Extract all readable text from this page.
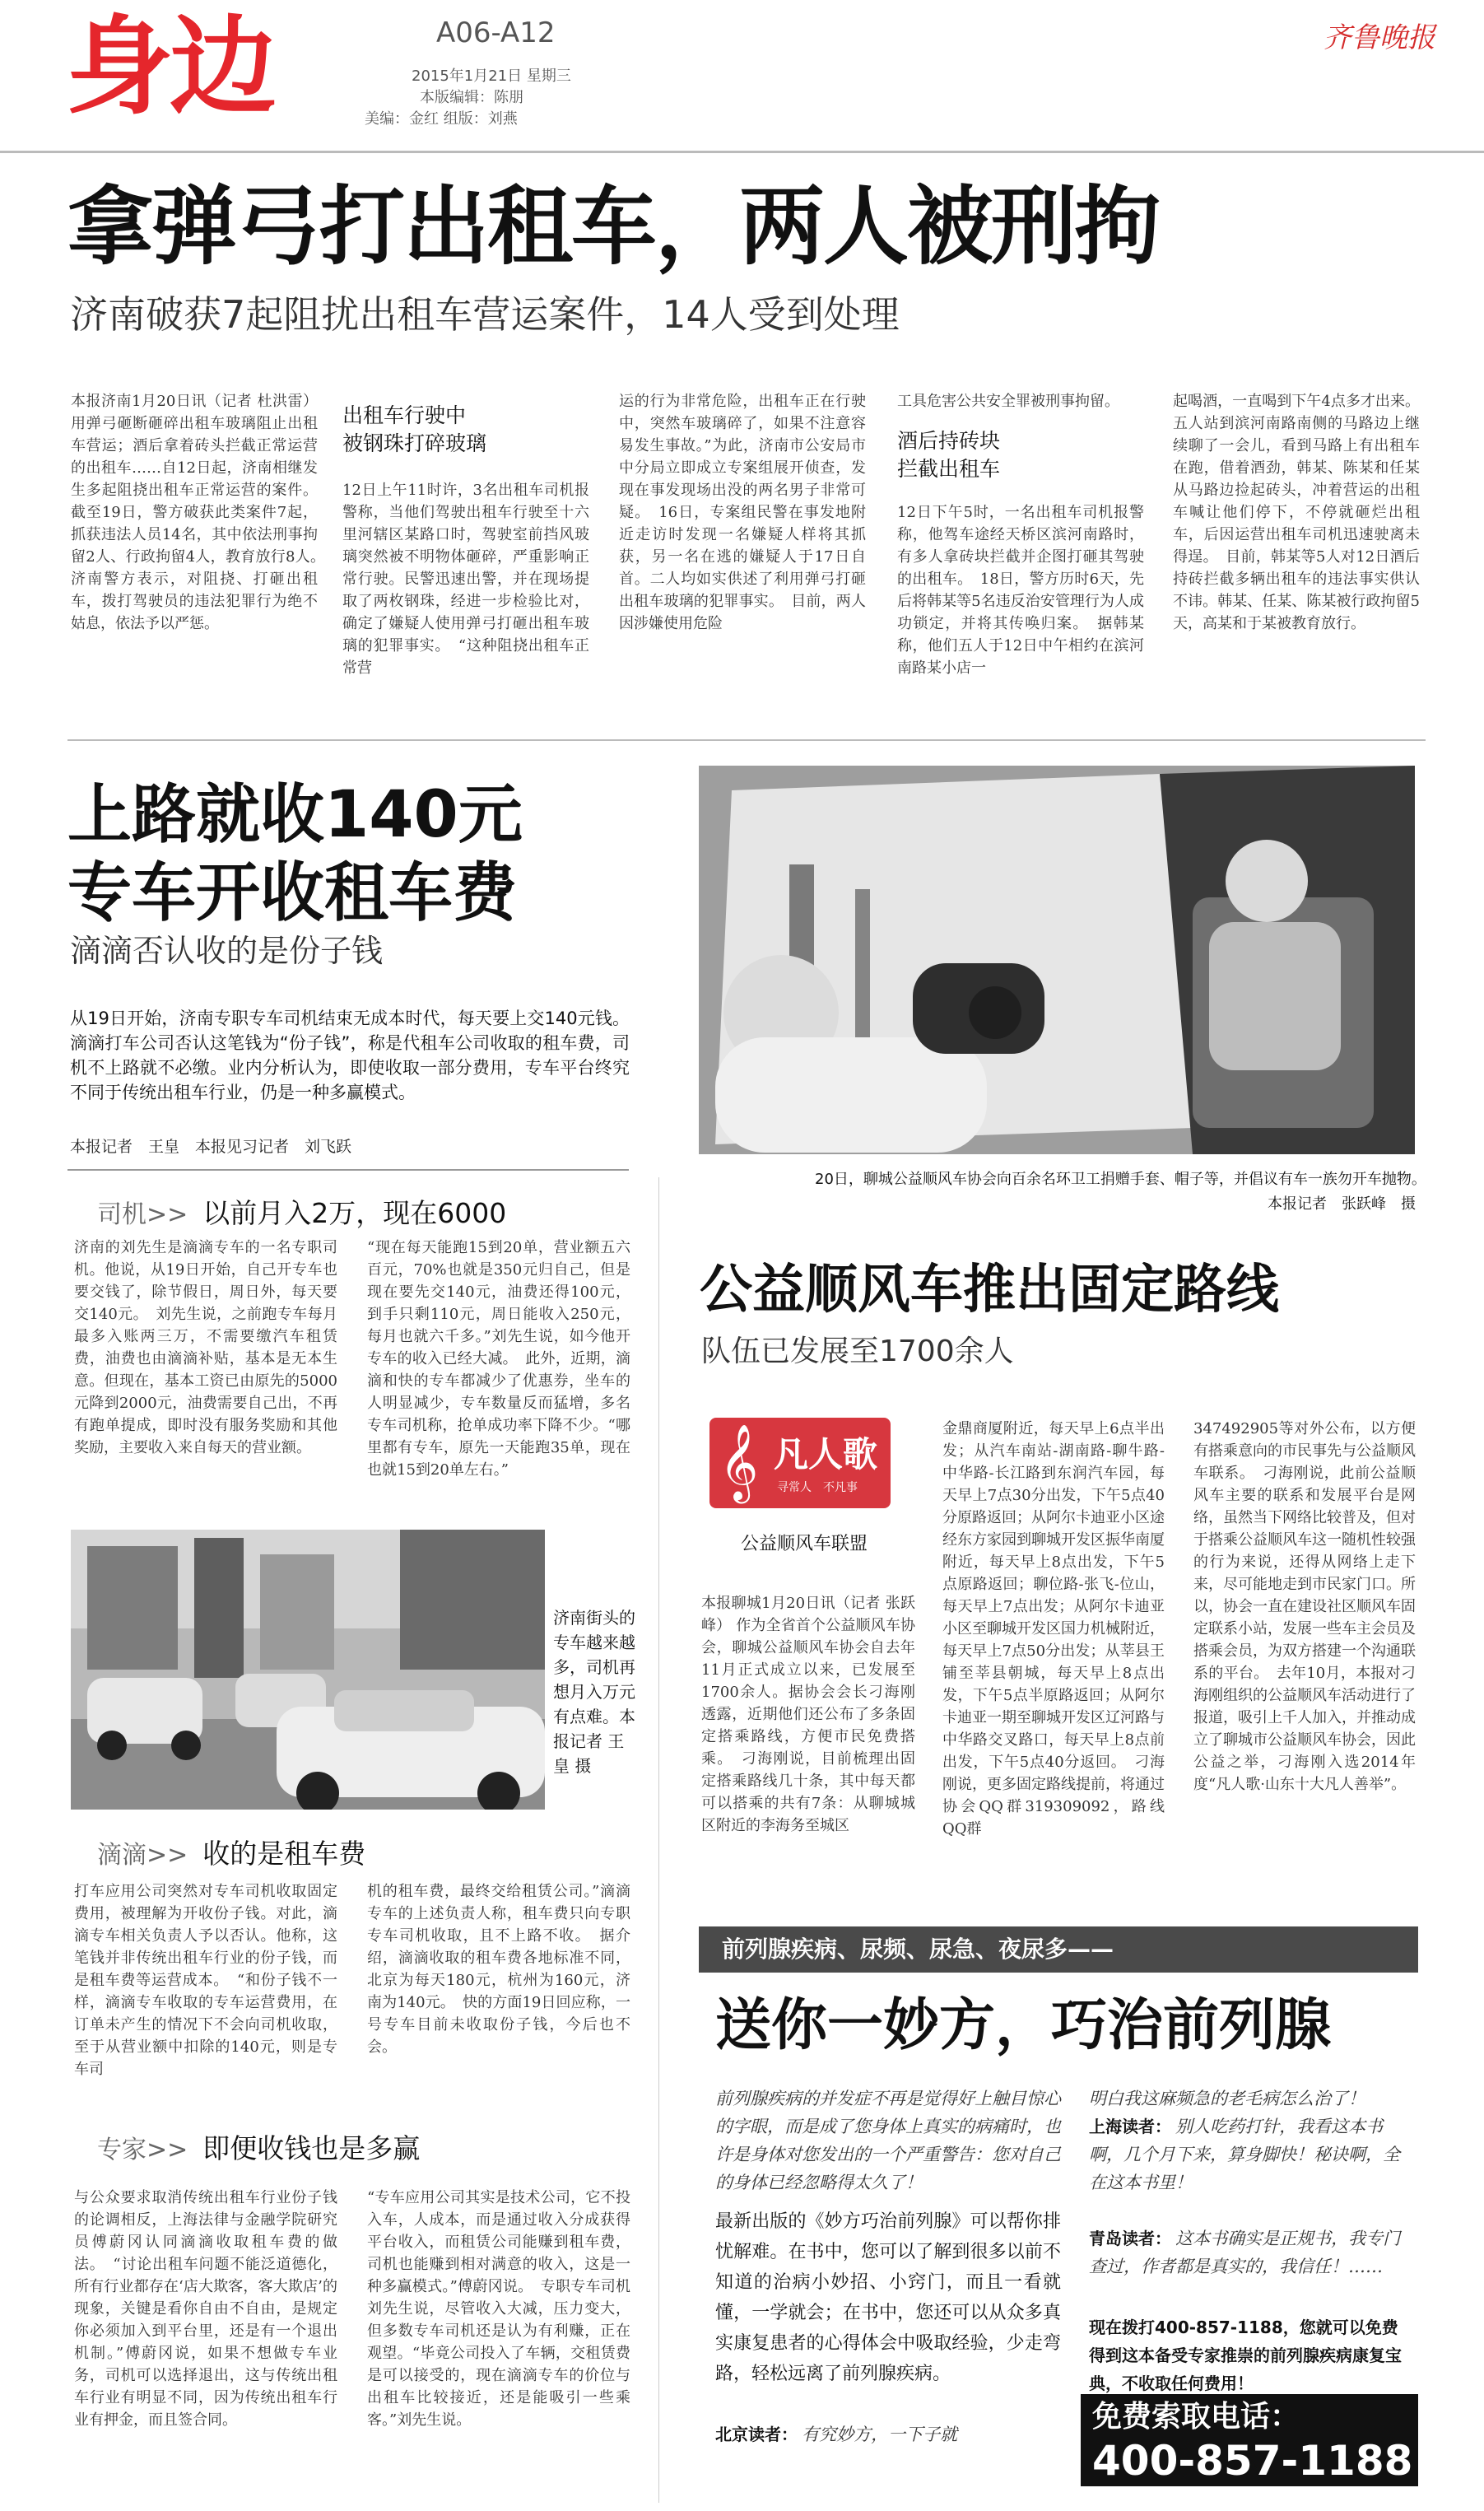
身边	A06-A12
2015年1月21日 星期三
本版编辑：陈朋
美编：金红 组版：刘燕
齐鲁晚报
拿弹弓打出租车，两人被刑拘
济南破获7起阻扰出租车营运案件，14人受到处理
本报济南1月20日讯（记者 杜洪雷） 用弹弓砸断砸碎出租车玻璃阻止出租车营运；酒后拿着砖头拦截正常运营的出租车……自12日起，济南相继发生多起阻挠出租车正常运营的案件。截至19日，警方破获此类案件7起，抓获违法人员14名，其中依法刑事拘留2人、行政拘留4人，教育放行8人。　济南警方表示，对阻挠、打砸出租车，拨打驾驶员的违法犯罪行为绝不姑息，依法予以严惩。
出租车行驶中
被钢珠打碎玻璃
12日上午11时许，3名出租车司机报警称，当他们驾驶出租车行驶至十六里河辖区某路口时，驾驶室前挡风玻璃突然被不明物体砸碎，严重影响正常行驶。民警迅速出警，并在现场提取了两枚钢珠，经进一步检验比对，确定了嫌疑人使用弹弓打砸出租车玻璃的犯罪事实。　“这种阻挠出租车正常营
运的行为非常危险，出租车正在行驶中，突然车玻璃碎了，如果不注意容易发生事故。”为此，济南市公安局市中分局立即成立专案组展开侦查，发现在事发现场出没的两名男子非常可疑。　16日，专案组民警在事发地附近走访时发现一名嫌疑人样将其抓获，另一名在逃的嫌疑人于17日自首。二人均如实供述了利用弹弓打砸出租车玻璃的犯罪事实。　目前，两人因涉嫌使用危险
工具危害公共安全罪被刑事拘留。
酒后持砖块
拦截出租车
12日下午5时，一名出租车司机报警称，他驾车途经天桥区滨河南路时，有多人拿砖块拦截并企图打砸其驾驶的出租车。　18日，警方历时6天，先后将韩某等5名违反治安管理行为人成功锁定，并将其传唤归案。　据韩某称，他们五人于12日中午相约在滨河南路某小店一
起喝酒，一直喝到下午4点多才出来。五人站到滨河南路南侧的马路边上继续聊了一会儿，看到马路上有出租车在跑，借着酒劲，韩某、陈某和任某从马路边捡起砖头，冲着营运的出租车喊让他们停下，不停就砸烂出租车，后因运营出租车司机迅速驶离未得逞。　目前，韩某等5人对12日酒后持砖拦截多辆出租车的违法事实供认不讳。韩某、任某、陈某被行政拘留5天，高某和于某被教育放行。
上路就收140元
专车开收租车费
滴滴否认收的是份子钱
从19日开始，济南专职专车司机结束无成本时代，每天要上交140元钱。滴滴打车公司否认这笔钱为“份子钱”，称是代租车公司收取的租车费，司机不上路就不必缴。业内分析认为，即使收取一部分费用，专车平台终究不同于传统出租车行业，仍是一种多赢模式。
本报记者　王皇　本报见习记者　刘飞跃
司机>> 以前月入2万，现在6000
济南的刘先生是滴滴专车的一名专职司机。他说，从19日开始，自己开专车也要交钱了，除节假日，周日外，每天要交140元。　刘先生说，之前跑专车每月最多入账两三万，不需要缴汽车租赁费，油费也由滴滴补贴，基本是无本生意。但现在，基本工资已由原先的5000元降到2000元，油费需要自己出，不再有跑单提成，即时没有服务奖励和其他奖励，主要收入来自每天的营业额。
“现在每天能跑15到20单，营业额五六百元，70%也就是350元归自己，但是现在要先交140元，油费还得100元，到手只剩110元，周日能收入250元，每月也就六千多。”刘先生说，如今他开专车的收入已经大减。　此外，近期，滴滴和快的专车都减少了优惠券，坐车的人明显减少，专车数量反而猛增，多名专车司机称，抢单成功率下降不少。“哪里都有专车，原先一天能跑35单，现在也就15到20单左右。”
济南街头的专车越来越多，司机再想月入万元有点难。本报记者 王皇 摄
滴滴>> 收的是租车费
打车应用公司突然对专车司机收取固定费用，被理解为开收份子钱。对此，滴滴专车相关负责人予以否认。他称，这笔钱并非传统出租车行业的份子钱，而是租车费等运营成本。　“和份子钱不一样，滴滴专车收取的专车运营费用，在订单未产生的情况下不会向司机收取，至于从营业额中扣除的140元，则是专车司
机的租车费，最终交给租赁公司。”滴滴专车的上述负责人称，租车费只向专职专车司机收取，且不上路不收。　据介绍，滴滴收取的租车费各地标准不同，北京为每天180元，杭州为160元，济南为140元。　快的方面19日回应称，一号专车目前未收取份子钱，今后也不会。
专家>> 即便收钱也是多赢
与公众要求取消传统出租车行业份子钱的论调相反，上海法律与金融学院研究员傅蔚冈认同滴滴收取租车费的做法。　“讨论出租车问题不能泛道德化，所有行业都存在‘店大欺客，客大欺店’的现象，关键是看你自由不自由，是规定你必须加入到平台里，还是有一个退出机制。”傅蔚冈说，如果不想做专车业务，司机可以选择退出，这与传统出租车行业有明显不同，因为传统出租车行业有押金，而且签合同。
“专车应用公司其实是技术公司，它不投入车，人成本，而是通过收入分成获得平台收入，而租赁公司能赚到租车费，司机也能赚到相对满意的收入，这是一种多赢模式。”傅蔚冈说。　专职专车司机刘先生说，尽管收入大减，压力变大，但多数专车司机还是认为有利赚，正在观望。“毕竟公司投入了车辆，交租赁费是可以接受的，现在滴滴专车的价位与出租车比较接近，还是能吸引一些乘客。”刘先生说。
20日，聊城公益顺风车协会向百余名环卫工捐赠手套、帽子等，并倡议有车一族勿开车抛物。
本报记者　张跃峰　摄
公益顺风车推出固定路线
队伍已发展至1700余人
𝄞 凡人歌
寻常人　不凡事
公益顺风车联盟
本报聊城1月20日讯（记者 张跃峰） 作为全省首个公益顺风车协会，聊城公益顺风车协会自去年11月正式成立以来，已发展至1700余人。据协会会长刁海刚透露，近期他们还公布了多条固定搭乘路线，方便市民免费搭乘。　刁海刚说，目前梳理出固定搭乘路线几十条，其中每天都可以搭乘的共有7条：从聊城城区附近的李海务至城区
金鼎商厦附近，每天早上6点半出发；从汽车南站-湖南路-聊牛路-中华路-长江路到东润汽车园，每天早上7点30分出发，下午5点40分原路返回；从阿尔卡迪亚小区途经东方家园到聊城开发区振华南厦附近，每天早上8点出发，下午5点原路返回；聊位路-张飞-位山，每天早上7点出发；从阿尔卡迪亚小区至聊城开发区国力机械附近，每天早上7点50分出发；从莘县王铺至莘县朝城，每天早上8点出发，下午5点半原路返回；从阿尔卡迪亚一期至聊城开发区辽河路与中华路交叉路口，每天早上8点前出发，下午5点40分返回。　刁海刚说，更多固定路线提前，将通过协会QQ群319309092，路线QQ群
347492905等对外公布，以方便有搭乘意向的市民事先与公益顺风车联系。　刁海刚说，此前公益顺风车主要的联系和发展平台是网络，虽然当下网络比较普及，但对于搭乘公益顺风车这一随机性较强的行为来说，还得从网络上走下来，尽可能地走到市民家门口。所以，协会一直在建设社区顺风车固定联系小站，发展一些车主会员及搭乘会员，为双方搭建一个沟通联系的平台。　去年10月，本报对刁海刚组织的公益顺风车活动进行了报道，吸引上千人加入，并推动成立了聊城市公益顺风车协会，因此公益之举，刁海刚入选2014年度“凡人歌·山东十大凡人善举”。
前列腺疾病、尿频、尿急、夜尿多——
送你一妙方，巧治前列腺
前列腺疾病的并发症不再是觉得好上触目惊心的字眼，而是成了您身体上真实的病痛时，也许是身体对您发出的一个严重警告：您对自己的身体已经忽略得太久了！
最新出版的《妙方巧治前列腺》可以帮你排忧解难。在书中，您可以了解到很多以前不知道的治病小妙招、小窍门，而且一看就懂，一学就会；在书中，您还可以从众多真实康复患者的心得体会中吸取经验，少走弯路，轻松远离了前列腺疾病。
北京读者： 有究妙方，一下子就
明白我这麻频急的老毛病怎么治了！
上海读者： 别人吃药打针，我看这本书啊，几个月下来，算身脚快！秘诀啊，全在这本书里！
青岛读者： 这本书确实是正规书，我专门查过，作者都是真实的，我信任！……
现在拨打400-857-1188，您就可以免费得到这本备受专家推崇的前列腺疾病康复宝典，不收取任何费用！
免费索取电话：
400-857-1188
